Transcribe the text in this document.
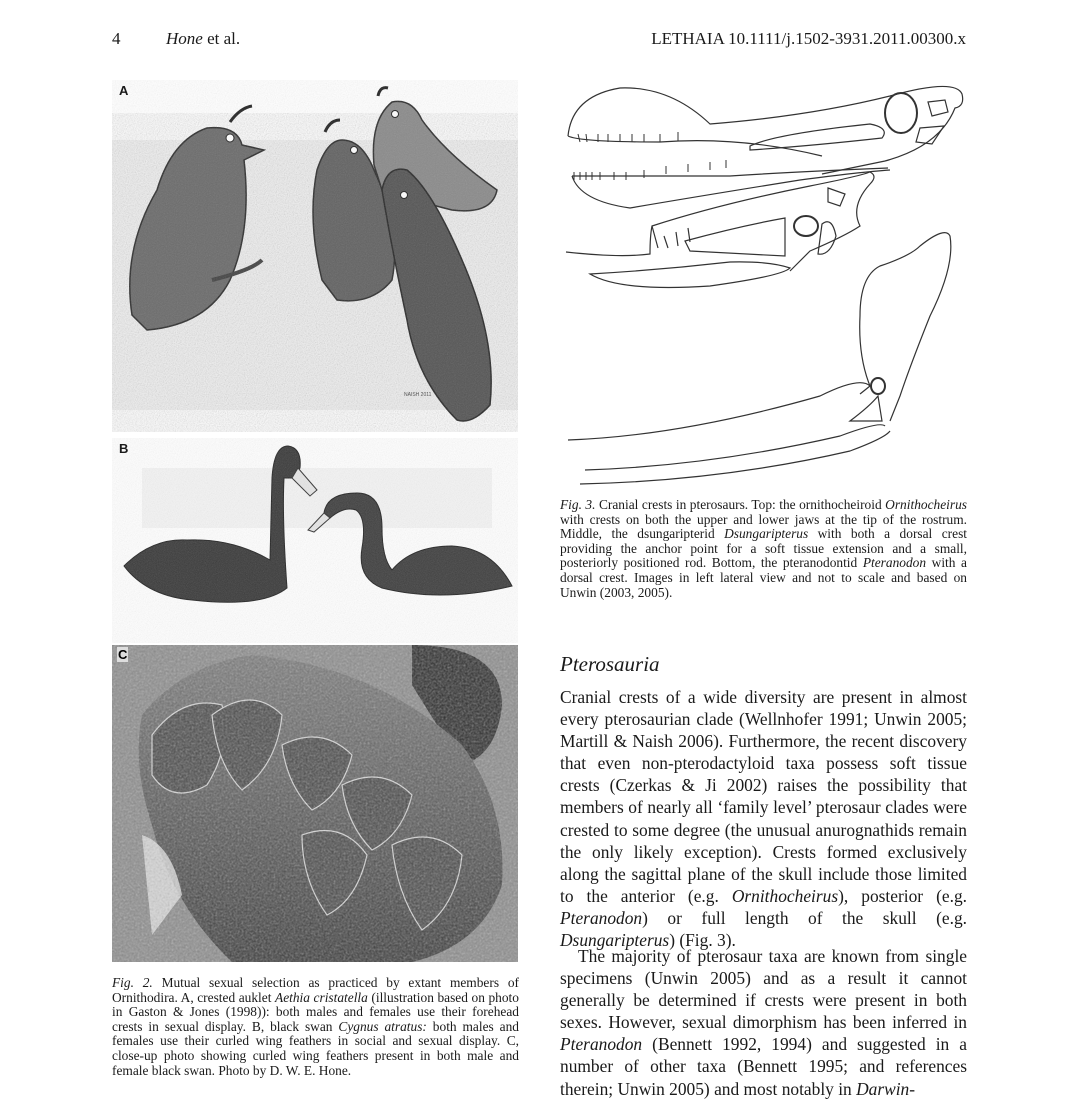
4	Hone et al.	LETHAIA 10.1111/j.1502-3931.2011.00300.x
A
NAISH 2011
B
C
Fig. 2. Mutual sexual selection as practiced by extant members of Ornithodira. A, crested auklet Aethia cristatella (illustration based on photo in Gaston & Jones (1998)): both males and females use their forehead crests in sexual display. B, black swan Cygnus atratus: both males and females use their curled wing feathers in social and sexual display. C, close-up photo showing curled wing feathers present in both male and female black swan. Photo by D. W. E. Hone.
Fig. 3. Cranial crests in pterosaurs. Top: the ornithocheiroid Ornithocheirus with crests on both the upper and lower jaws at the tip of the rostrum. Middle, the dsungaripterid Dsungaripterus with both a dorsal crest providing the anchor point for a soft tissue extension and a small, posteriorly positioned rod. Bottom, the pteranodontid Pteranodon with a dorsal crest. Images in left lateral view and not to scale and based on Unwin (2003, 2005).
Pterosauria
Cranial crests of a wide diversity are present in almost every pterosaurian clade (Wellnhofer 1991; Unwin 2005; Martill & Naish 2006). Furthermore, the recent discovery that even non-pterodactyloid taxa possess soft tissue crests (Czerkas & Ji 2002) raises the possibility that members of nearly all ‘family level’ pterosaur clades were crested to some degree (the unusual anurognathids remain the only likely exception). Crests formed exclusively along the sagittal plane of the skull include those limited to the anterior (e.g. Ornithocheirus), posterior (e.g. Pteranodon) or full length of the skull (e.g. Dsungaripterus) (Fig. 3).
The majority of pterosaur taxa are known from single specimens (Unwin 2005) and as a result it cannot generally be determined if crests were present in both sexes. However, sexual dimorphism has been inferred in Pteranodon (Bennett 1992, 1994) and suggested in a number of other taxa (Bennett 1995; and references therein; Unwin 2005) and most notably in Darwin-
